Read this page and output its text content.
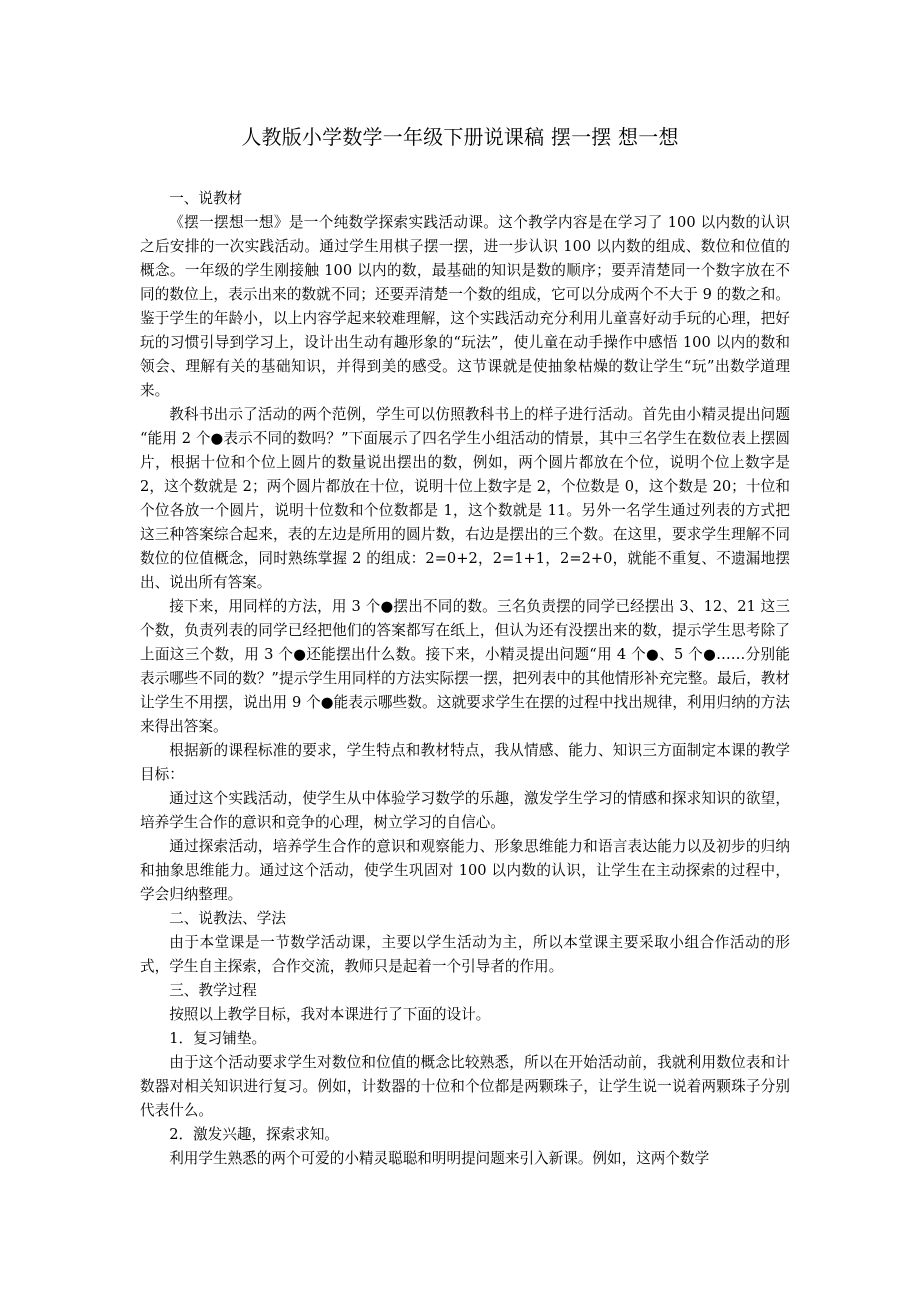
人教版小学数学一年级下册说课稿 摆一摆 想一想

一、说教材

《摆一摆想一想》是一个纯数学探索实践活动课。这个教学内容是在学习了 100 以内数的认识之后安排的一次实践活动。通过学生用棋子摆一摆，进一步认识 100 以内数的组成、数位和位值的概念。一年级的学生刚接触 100 以内的数，最基础的知识是数的顺序；要弄清楚同一个数字放在不同的数位上，表示出来的数就不同；还要弄清楚一个数的组成，它可以分成两个不大于 9 的数之和。鉴于学生的年龄小，以上内容学起来较难理解，这个实践活动充分利用儿童喜好动手玩的心理，把好玩的习惯引导到学习上，设计出生动有趣形象的“玩法”，使儿童在动手操作中感悟 100 以内的数和领会、理解有关的基础知识，并得到美的感受。这节课就是使抽象枯燥的数让学生“玩”出数学道理来。

教科书出示了活动的两个范例，学生可以仿照教科书上的样子进行活动。首先由小精灵提出问题 “能用 2 个●表示不同的数吗？”下面展示了四名学生小组活动的情景，其中三名学生在数位表上摆圆片，根据十位和个位上圆片的数量说出摆出的数，例如，两个圆片都放在个位，说明个位上数字是 2，这个数就是 2；两个圆片都放在十位，说明十位上数字是 2，个位数是 0，这个数是 20；十位和个位各放一个圆片，说明十位数和个位数都是 1，这个数就是 11。另外一名学生通过列表的方式把这三种答案综合起来，表的左边是所用的圆片数，右边是摆出的三个数。在这里，要求学生理解不同数位的位值概念，同时熟练掌握 2 的组成：2=0+2，2=1+1，2=2+0，就能不重复、不遗漏地摆出、说出所有答案。

接下来，用同样的方法，用 3 个●摆出不同的数。三名负责摆的同学已经摆出 3、12、21 这三个数，负责列表的同学已经把他们的答案都写在纸上，但认为还有没摆出来的数，提示学生思考除了上面这三个数，用 3 个●还能摆出什么数。接下来，小精灵提出问题“用 4 个●、5 个●……分别能表示哪些不同的数？”提示学生用同样的方法实际摆一摆，把列表中的其他情形补充完整。最后，教材让学生不用摆，说出用 9 个●能表示哪些数。这就要求学生在摆的过程中找出规律，利用归纳的方法来得出答案。

根据新的课程标准的要求，学生特点和教材特点，我从情感、能力、知识三方面制定本课的教学目标：

通过这个实践活动，使学生从中体验学习数学的乐趣，激发学生学习的情感和探求知识的欲望，培养学生合作的意识和竞争的心理，树立学习的自信心。

通过探索活动，培养学生合作的意识和观察能力、形象思维能力和语言表达能力以及初步的归纳和抽象思维能力。通过这个活动，使学生巩固对 100 以内数的认识，让学生在主动探索的过程中，学会归纳整理。

二、说教法、学法

由于本堂课是一节数学活动课，主要以学生活动为主，所以本堂课主要采取小组合作活动的形式，学生自主探索，合作交流，教师只是起着一个引导者的作用。

三、教学过程

按照以上教学目标，我对本课进行了下面的设计。

1．复习铺垫。

由于这个活动要求学生对数位和位值的概念比较熟悉，所以在开始活动前，我就利用数位表和计数器对相关知识进行复习。例如，计数器的十位和个位都是两颗珠子，让学生说一说着两颗珠子分别代表什么。

2．激发兴趣，探索求知。

利用学生熟悉的两个可爱的小精灵聪聪和明明提问题来引入新课。例如，这两个数学
